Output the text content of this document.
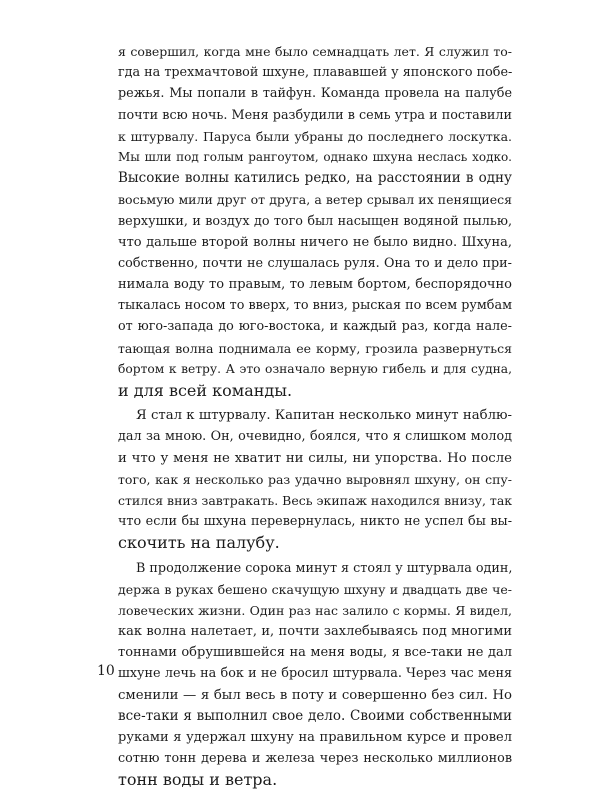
я совершил, когда мне было семнадцать лет. Я служил то-
гда на трехмачтовой шхуне, плававшей у японского побе-
режья. Мы попали в тайфун. Команда провела на палубе
почти всю ночь. Меня разбудили в семь утра и поставили
к штурвалу. Паруса были убраны до последнего лоскутка.
Мы шли под голым рангоутом, однако шхуна неслась ходко.
Высокие волны катились редко, на расстоянии в одну
восьмую мили друг от друга, а ветер срывал их пенящиеся
верхушки, и воздух до того был насыщен водяной пылью,
что дальше второй волны ничего не было видно. Шхуна,
собственно, почти не слушалась руля. Она то и дело при-
нимала воду то правым, то левым бортом, беспорядочно
тыкалась носом то вверх, то вниз, рыская по всем румбам
от юго-запада до юго-востока, и каждый раз, когда нале-
тающая волна поднимала ее корму, грозила развернуться
бортом к ветру. А это означало верную гибель и для судна,
и для всей команды.
Я стал к штурвалу. Капитан несколько минут наблю-
дал за мною. Он, очевидно, боялся, что я слишком молод
и что у меня не хватит ни силы, ни упорства. Но после
того, как я несколько раз удачно выровнял шхуну, он спу-
стился вниз завтракать. Весь экипаж находился внизу, так
что если бы шхуна перевернулась, никто не успел бы вы-
скочить на палубу.
В продолжение сорока минут я стоял у штурвала один,
держа в руках бешено скачущую шхуну и двадцать две че-
ловеческих жизни. Один раз нас залило с кормы. Я видел,
как волна налетает, и, почти захлебываясь под многими
тоннами обрушившейся на меня воды, я все-таки не дал
шхуне лечь на бок и не бросил штурвала. Через час меня
сменили — я был весь в поту и совершенно без сил. Но
все-таки я выполнил свое дело. Своими собственными
руками я удержал шхуну на правильном курсе и провел
сотню тонн дерева и железа через несколько миллионов
тонн воды и ветра.
10
